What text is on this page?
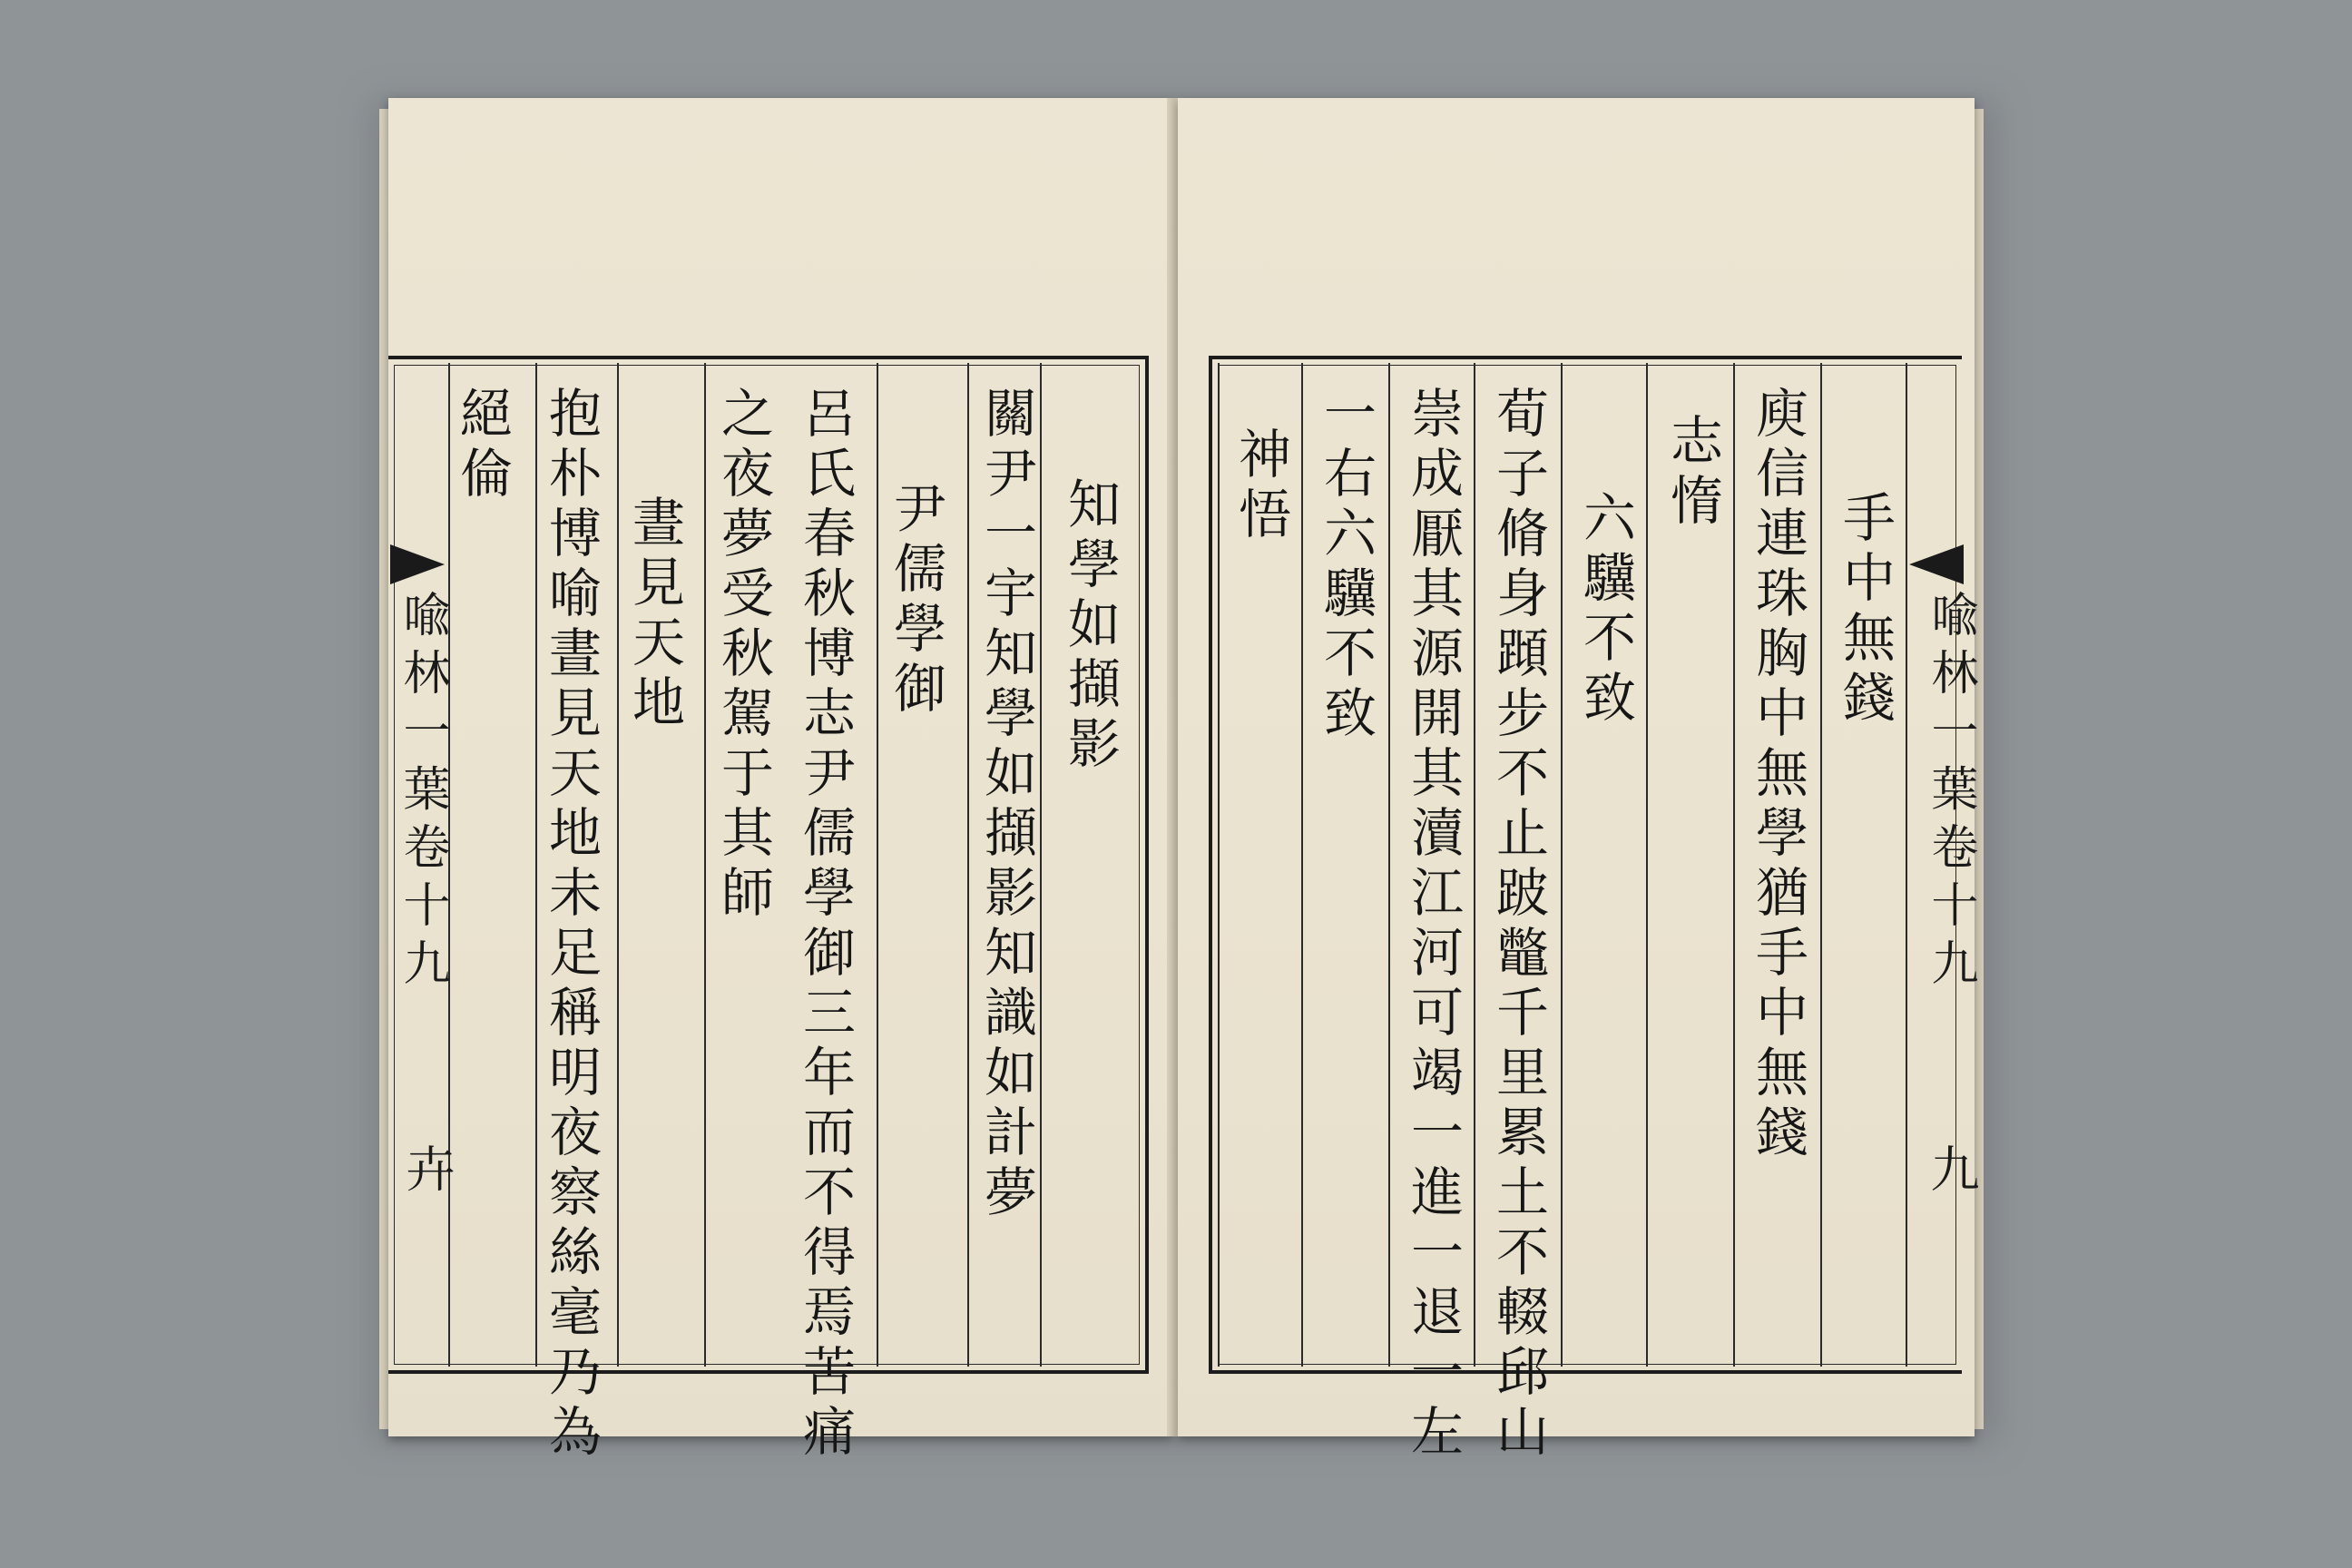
喩林一葉卷十九
卉
知學如擷影
關尹一宇知學如擷影知識如計夢
尹儒學御
呂氏春秋博志尹儒學御三年而不得焉苦痛
之夜夢受秋駕于其師
晝見天地
抱朴博喻晝見天地未足稱明夜察絲毫乃為
絕倫
喩林一葉卷十九
九
手中無錢
庾信連珠胸中無學猶手中無錢
志惰
六驥不致
荀子脩身蹞步不止跛鼈千里累土不輟邱山
崇成厭其源開其瀆江河可竭一進一退一左
一右六驥不致
神悟
